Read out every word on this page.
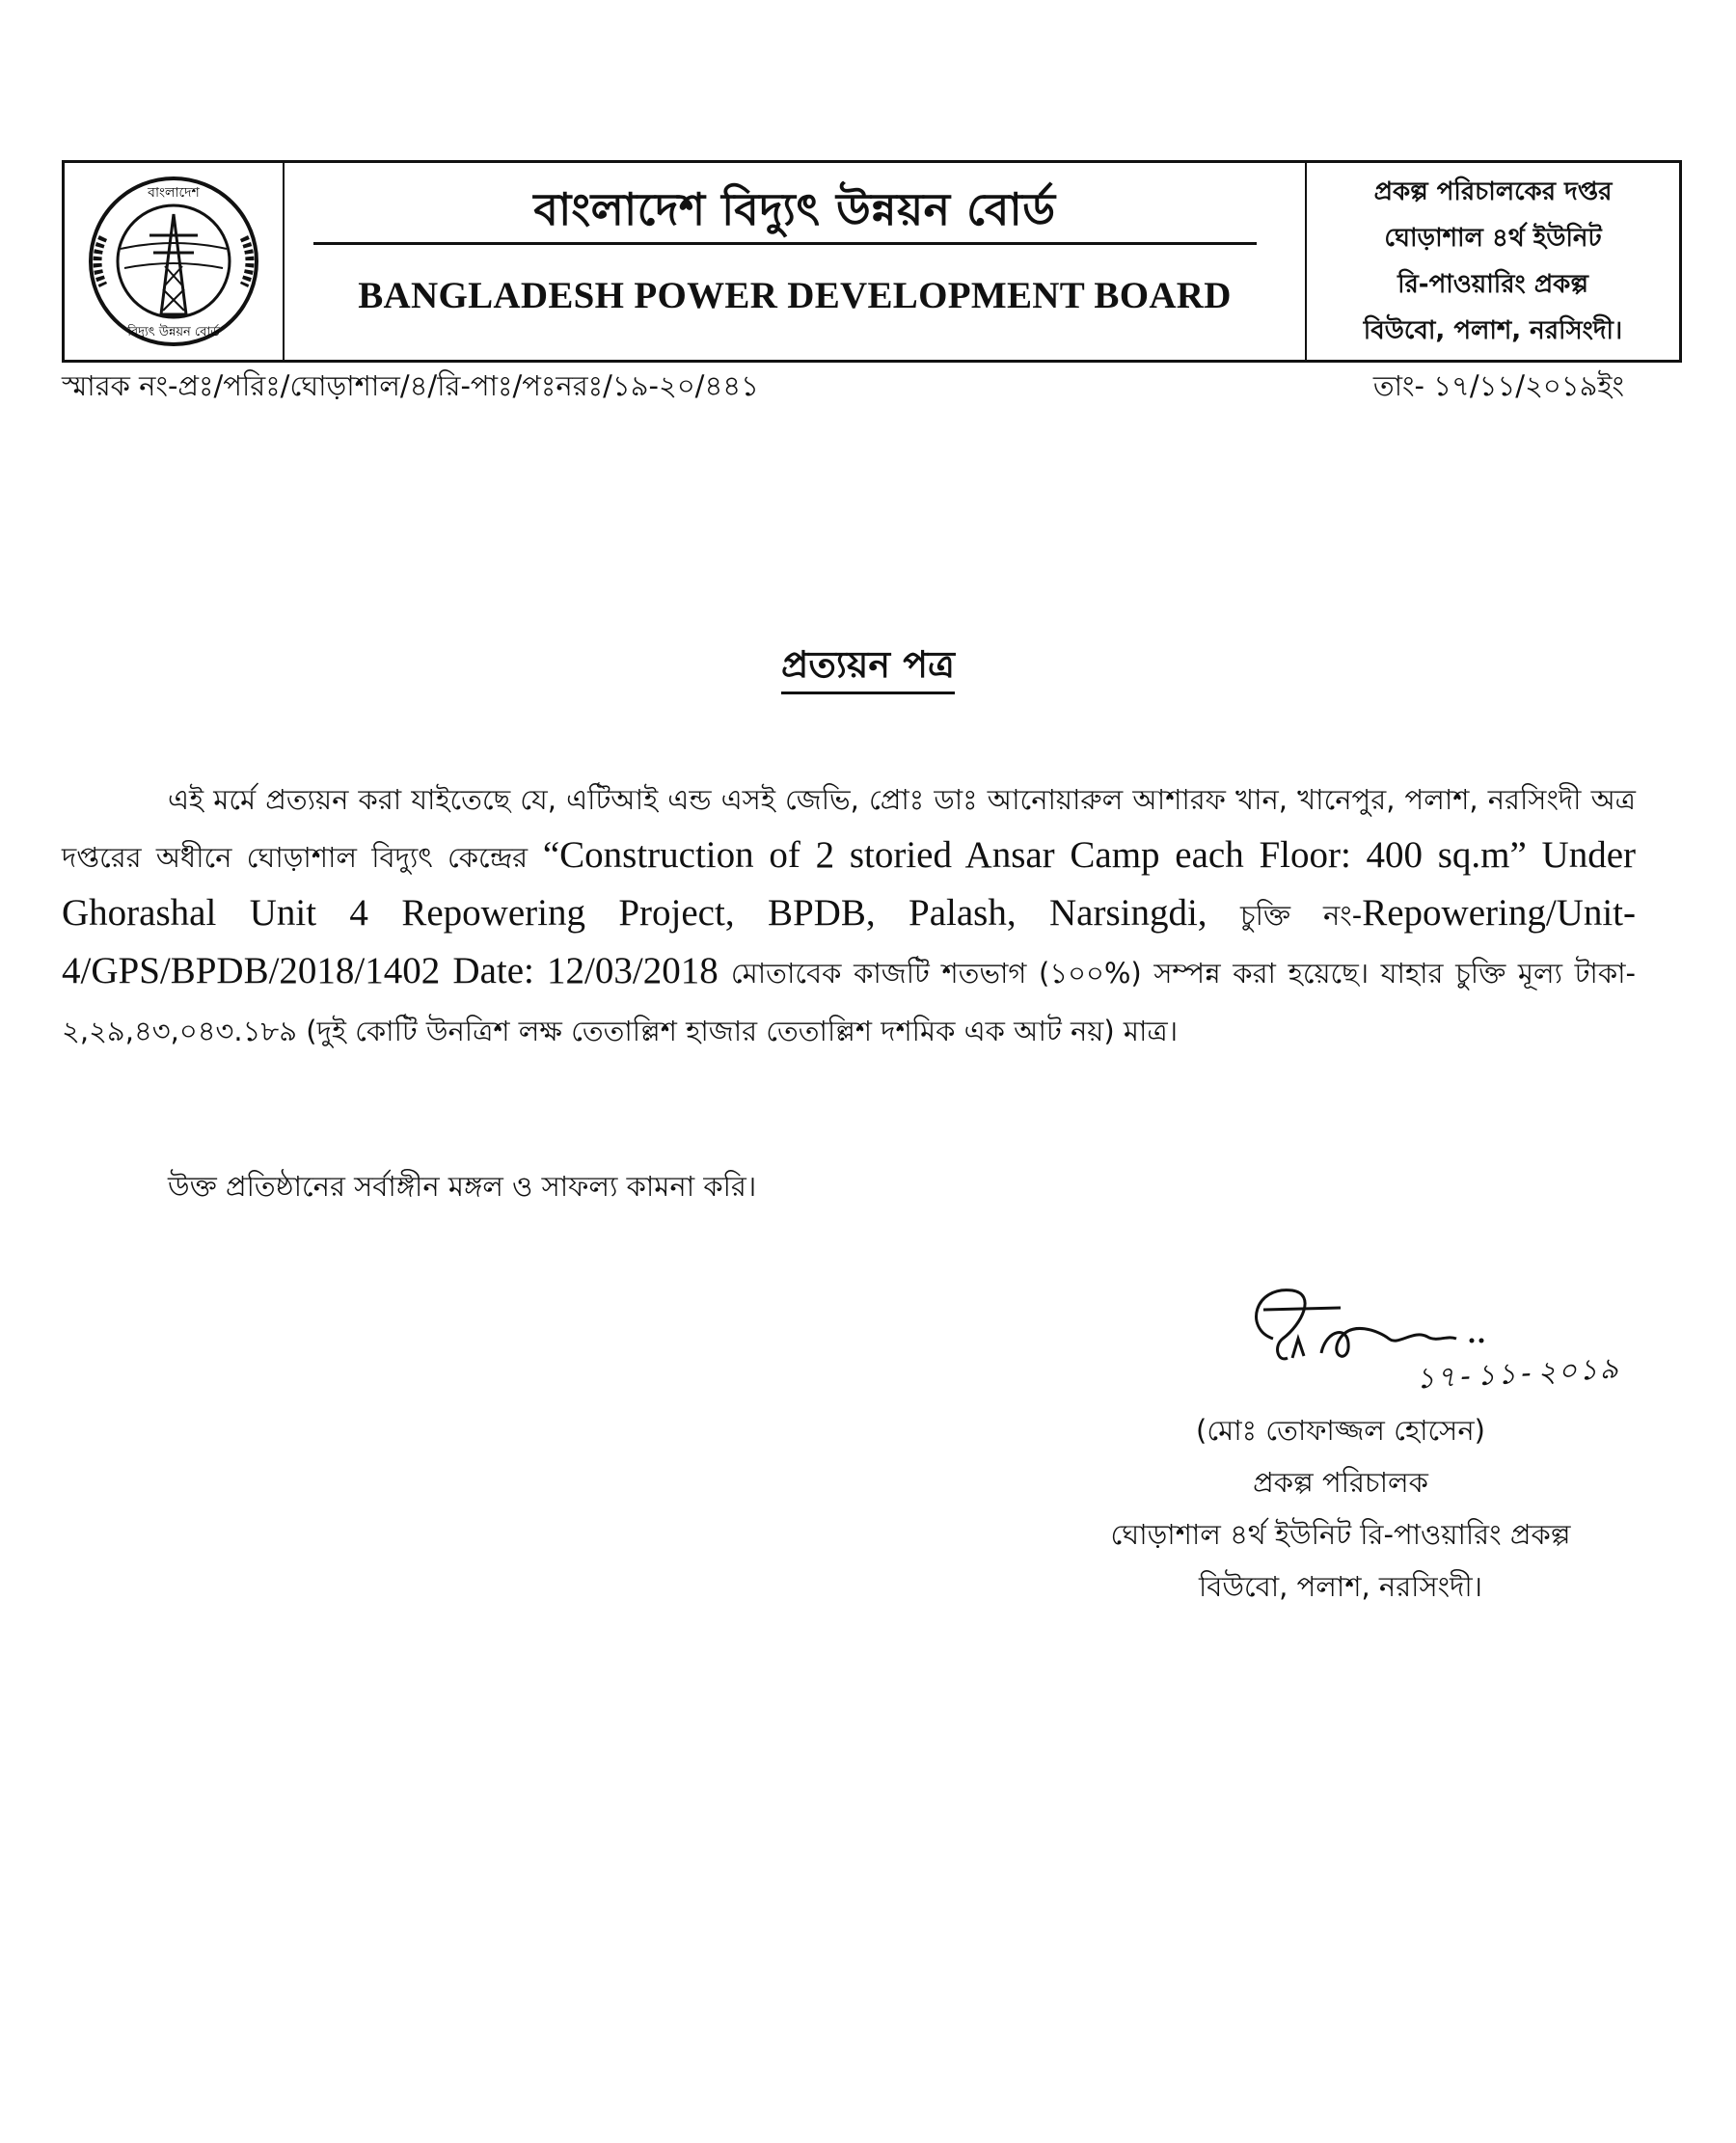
বাংলাদেশ
বিদ্যুৎ উন্নয়ন বোর্ড
বাংলাদেশ বিদ্যুৎ উন্নয়ন বোর্ড
BANGLADESH POWER DEVELOPMENT BOARD
প্রকল্প পরিচালকের দপ্তর
ঘোড়াশাল ৪র্থ ইউনিট
রি-পাওয়ারিং প্রকল্প
বিউবো, পলাশ, নরসিংদী।
স্মারক নং-প্রঃ/পরিঃ/ঘোড়াশাল/৪/রি-পাঃ/পঃনরঃ/১৯-২০/৪৪১	তাং- ১৭/১১/২০১৯ইং
প্রত্যয়ন পত্র
এই মর্মে প্রত্যয়ন করা যাইতেছে যে, এটিআই এন্ড এসই জেভি, প্রোঃ ডাঃ আনোয়ারুল আশারফ খান, খানেপুর, পলাশ, নরসিংদী অত্র দপ্তরের অধীনে ঘোড়াশাল বিদ্যুৎ কেন্দ্রের “Construction of 2 storied Ansar Camp each Floor: 400 sq.m” Under Ghorashal Unit 4 Repowering Project, BPDB, Palash, Narsingdi, চুক্তি নং-Repowering/Unit-4/GPS/BPDB/2018/1402 Date: 12/03/2018 মোতাবেক কাজটি শতভাগ (১০০%) সম্পন্ন করা হয়েছে। যাহার চুক্তি মূল্য টাকা- ২,২৯,৪৩,০৪৩.১৮৯ (দুই কোটি উনত্রিশ লক্ষ তেতাল্লিশ হাজার তেতাল্লিশ দশমিক এক আট নয়) মাত্র।
উক্ত প্রতিষ্ঠানের সর্বাঙ্গীন মঙ্গল ও সাফল্য কামনা করি।
১৭-১১-২০১৯
(মোঃ তোফাজ্জল হোসেন)
প্রকল্প পরিচালক
ঘোড়াশাল ৪র্থ ইউনিট রি-পাওয়ারিং প্রকল্প
বিউবো, পলাশ, নরসিংদী।
